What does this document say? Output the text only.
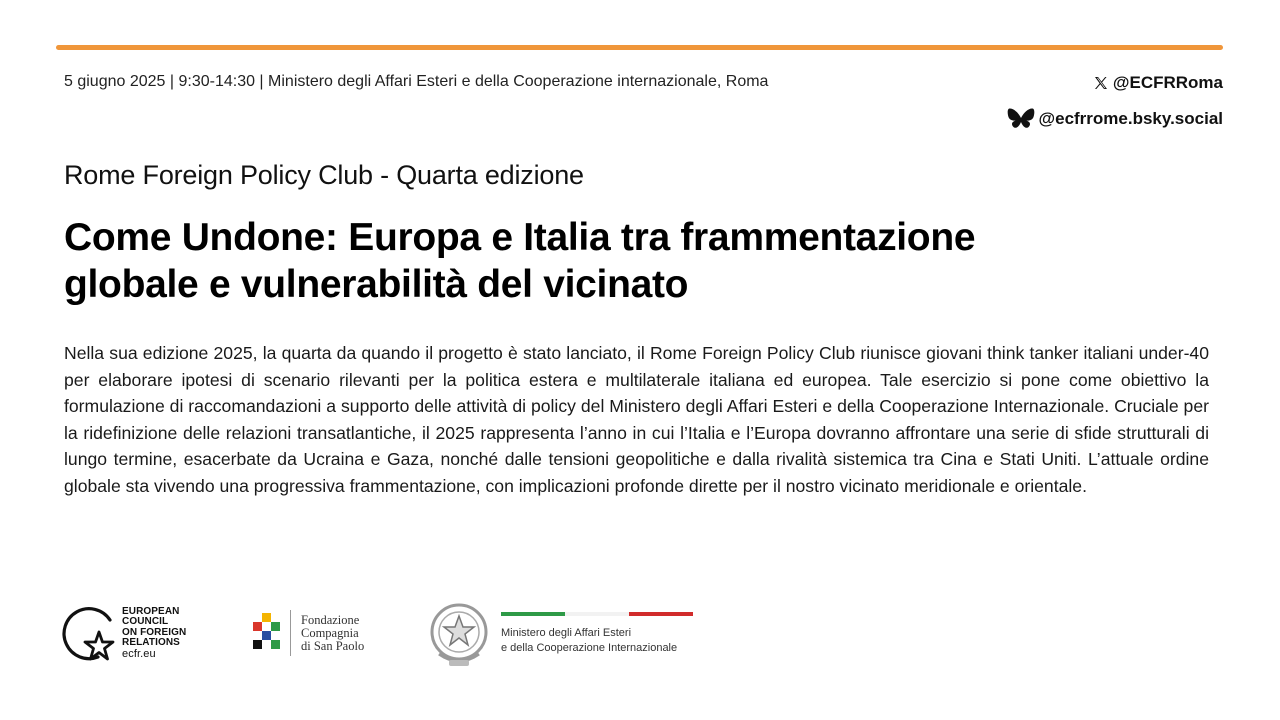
5 giugno 2025 | 9:30-14:30 | Ministero degli Affari Esteri e della Cooperazione internazionale, Roma	@ECFRRoma
@ecfrrome.bsky.social
Rome Foreign Policy Club - Quarta edizione
Come Undone: Europa e Italia tra frammentazione
globale e vulnerabilità del vicinato

Nella sua edizione 2025, la quarta da quando il progetto è stato lanciato, il Rome Foreign Policy Club riunisce giovani think tanker italiani under-40 per elaborare ipotesi di scenario rilevanti per la politica estera e multilaterale italiana ed europea. Tale esercizio si pone come obiettivo la formulazione di raccomandazioni a supporto delle attività di policy del Ministero degli Affari Esteri e della Cooperazione Internazionale. Cruciale per la ridefinizione delle relazioni transatlantiche, il 2025 rappresenta l’anno in cui l’Italia e l’Europa dovranno affrontare una serie di sfide strutturali di lungo termine, esacerbate da Ucraina e Gaza, nonché dalle tensioni geopolitiche e dalla rivalità sistemica tra Cina e Stati Uniti. L’attuale ordine globale sta vivendo una progressiva frammentazione, con implicazioni profonde dirette per il nostro vicinato meridionale e orientale.

EUROPEAN
COUNCIL
ON FOREIGN
RELATIONS
ecfr.eu
Fondazione
Compagnia
di San Paolo
Ministero degli Affari Esteri
e della Cooperazione Internazionale
